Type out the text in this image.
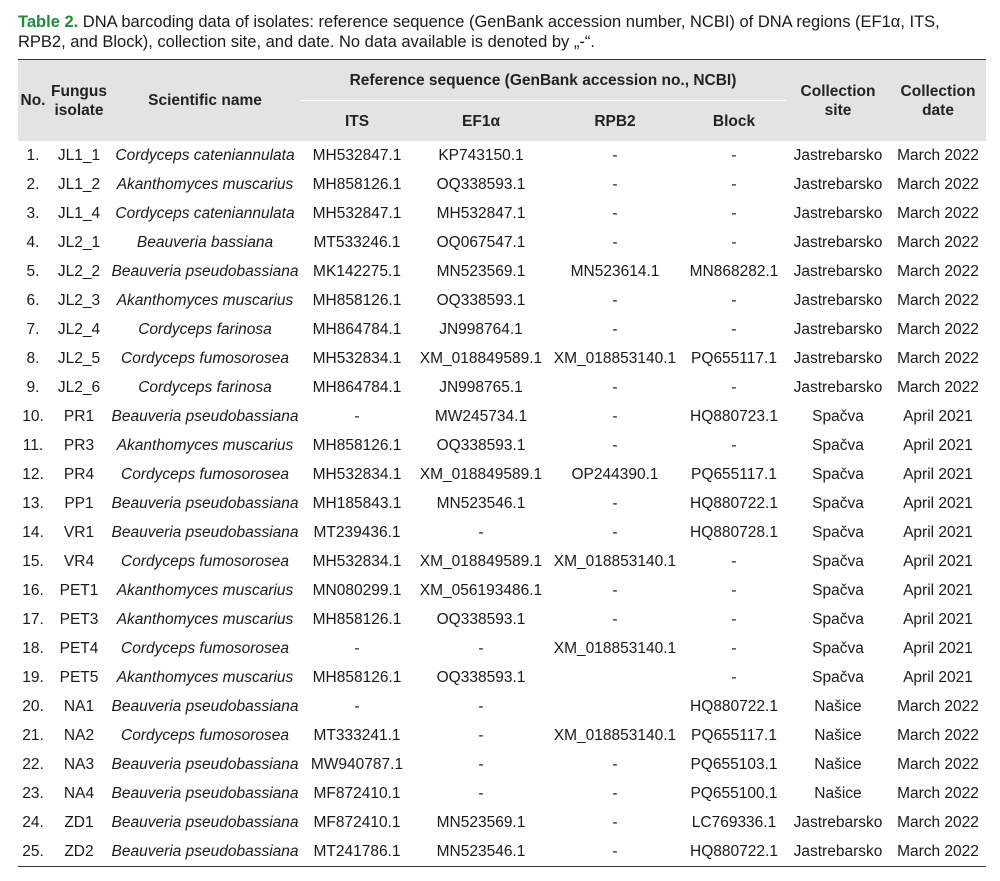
Table 2. DNA barcoding data of isolates: reference sequence (GenBank accession number, NCBI) of DNA regions (EF1α, ITS, RPB2, and Block), collection site, and date. No data available is denoted by „-“.
No.	Fungus isolate	Scientific name	Reference sequence (GenBank accession no., NCBI)				Collection site	Collection date
			ITS	EF1α	RPB2	Block		
1.	JL1_1	Cordyceps cateniannulata	MH532847.1	KP743150.1	-	-	Jastrebarsko	March 2022
2.	JL1_2	Akanthomyces muscarius	MH858126.1	OQ338593.1	-	-	Jastrebarsko	March 2022
3.	JL1_4	Cordyceps cateniannulata	MH532847.1	MH532847.1	-	-	Jastrebarsko	March 2022
4.	JL2_1	Beauveria bassiana	MT533246.1	OQ067547.1	-	-	Jastrebarsko	March 2022
5.	JL2_2	Beauveria pseudobassiana	MK142275.1	MN523569.1	MN523614.1	MN868282.1	Jastrebarsko	March 2022
6.	JL2_3	Akanthomyces muscarius	MH858126.1	OQ338593.1	-	-	Jastrebarsko	March 2022
7.	JL2_4	Cordyceps farinosa	MH864784.1	JN998764.1	-	-	Jastrebarsko	March 2022
8.	JL2_5	Cordyceps fumosorosea	MH532834.1	XM_018849589.1	XM_018853140.1	PQ655117.1	Jastrebarsko	March 2022
9.	JL2_6	Cordyceps farinosa	MH864784.1	JN998765.1	-	-	Jastrebarsko	March 2022
10.	PR1	Beauveria pseudobassiana	-	MW245734.1	-	HQ880723.1	Spačva	April 2021
11.	PR3	Akanthomyces muscarius	MH858126.1	OQ338593.1	-	-	Spačva	April 2021
12.	PR4	Cordyceps fumosorosea	MH532834.1	XM_018849589.1	OP244390.1	PQ655117.1	Spačva	April 2021
13.	PP1	Beauveria pseudobassiana	MH185843.1	MN523546.1	-	HQ880722.1	Spačva	April 2021
14.	VR1	Beauveria pseudobassiana	MT239436.1	-	-	HQ880728.1	Spačva	April 2021
15.	VR4	Cordyceps fumosorosea	MH532834.1	XM_018849589.1	XM_018853140.1	-	Spačva	April 2021
16.	PET1	Akanthomyces muscarius	MN080299.1	XM_056193486.1	-	-	Spačva	April 2021
17.	PET3	Akanthomyces muscarius	MH858126.1	OQ338593.1	-	-	Spačva	April 2021
18.	PET4	Cordyceps fumosorosea	-	-	XM_018853140.1	-	Spačva	April 2021
19.	PET5	Akanthomyces muscarius	MH858126.1	OQ338593.1		-	Spačva	April 2021
20.	NA1	Beauveria pseudobassiana	-	-		HQ880722.1	Našice	March 2022
21.	NA2	Cordyceps fumosorosea	MT333241.1	-	XM_018853140.1	PQ655117.1	Našice	March 2022
22.	NA3	Beauveria pseudobassiana	MW940787.1	-	-	PQ655103.1	Našice	March 2022
23.	NA4	Beauveria pseudobassiana	MF872410.1	-	-	PQ655100.1	Našice	March 2022
24.	ZD1	Beauveria pseudobassiana	MF872410.1	MN523569.1	-	LC769336.1	Jastrebarsko	March 2022
25.	ZD2	Beauveria pseudobassiana	MT241786.1	MN523546.1	-	HQ880722.1	Jastrebarsko	March 2022
